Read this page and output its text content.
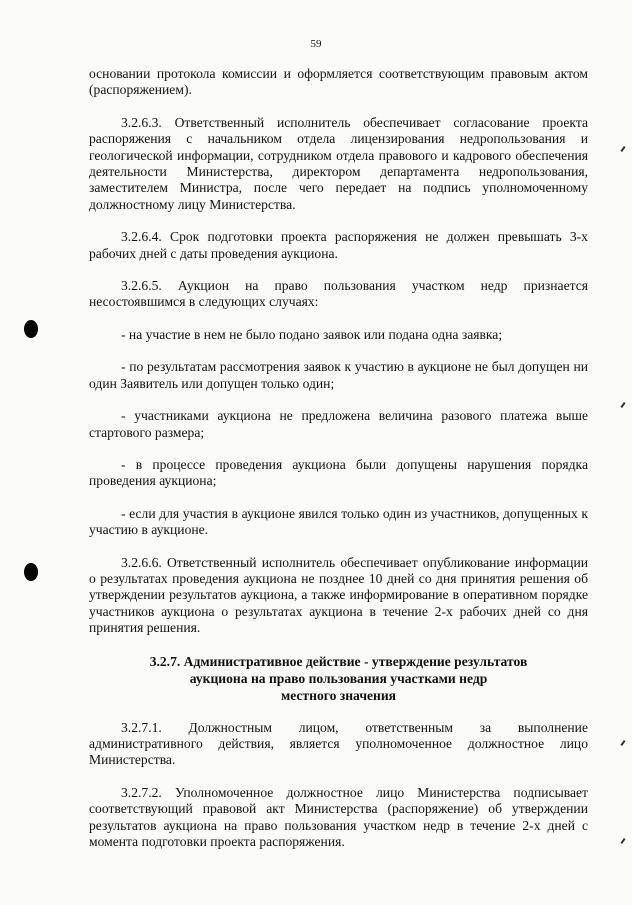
59

основании протокола комиссии и оформляется соответствующим правовым актом (распоряжением).

3.2.6.3. Ответственный исполнитель обеспечивает согласование проекта распоряжения с начальником отдела лицензирования недропользования и геологической информации, сотрудником отдела правового и кадрового обеспечения деятельности Министерства, директором департамента недропользования, заместителем Министра, после чего передает на подпись уполномоченному должностному лицу Министерства.

3.2.6.4. Срок подготовки проекта распоряжения не должен превышать 3-х рабочих дней с даты проведения аукциона.

3.2.6.5. Аукцион на право пользования участком недр признается несостоявшимся в следующих случаях:

- на участие в нем не было подано заявок или подана одна заявка;

- по результатам рассмотрения заявок к участию в аукционе не был допущен ни один Заявитель или допущен только один;

- участниками аукциона не предложена величина разового платежа выше стартового размера;

- в процессе проведения аукциона были допущены нарушения порядка проведения аукциона;

- если для участия в аукционе явился только один из участников, допущенных к участию в аукционе.

3.2.6.6. Ответственный исполнитель обеспечивает опубликование информации о результатах проведения аукциона не позднее 10 дней со дня принятия решения об утверждении результатов аукциона, а также информирование в оперативном порядке участников аукциона о результатах аукциона в течение 2-х рабочих дней со дня принятия решения.

3.2.7. Административное действие - утверждение результатов
аукциона на право пользования участками недр
местного значения

3.2.7.1. Должностным лицом, ответственным за выполнение административного действия, является уполномоченное должностное лицо Министерства.

3.2.7.2. Уполномоченное должностное лицо Министерства подписывает соответствующий правовой акт Министерства (распоряжение) об утверждении результатов аукциона на право пользования участком недр в течение 2-х дней с момента подготовки проекта распоряжения.
